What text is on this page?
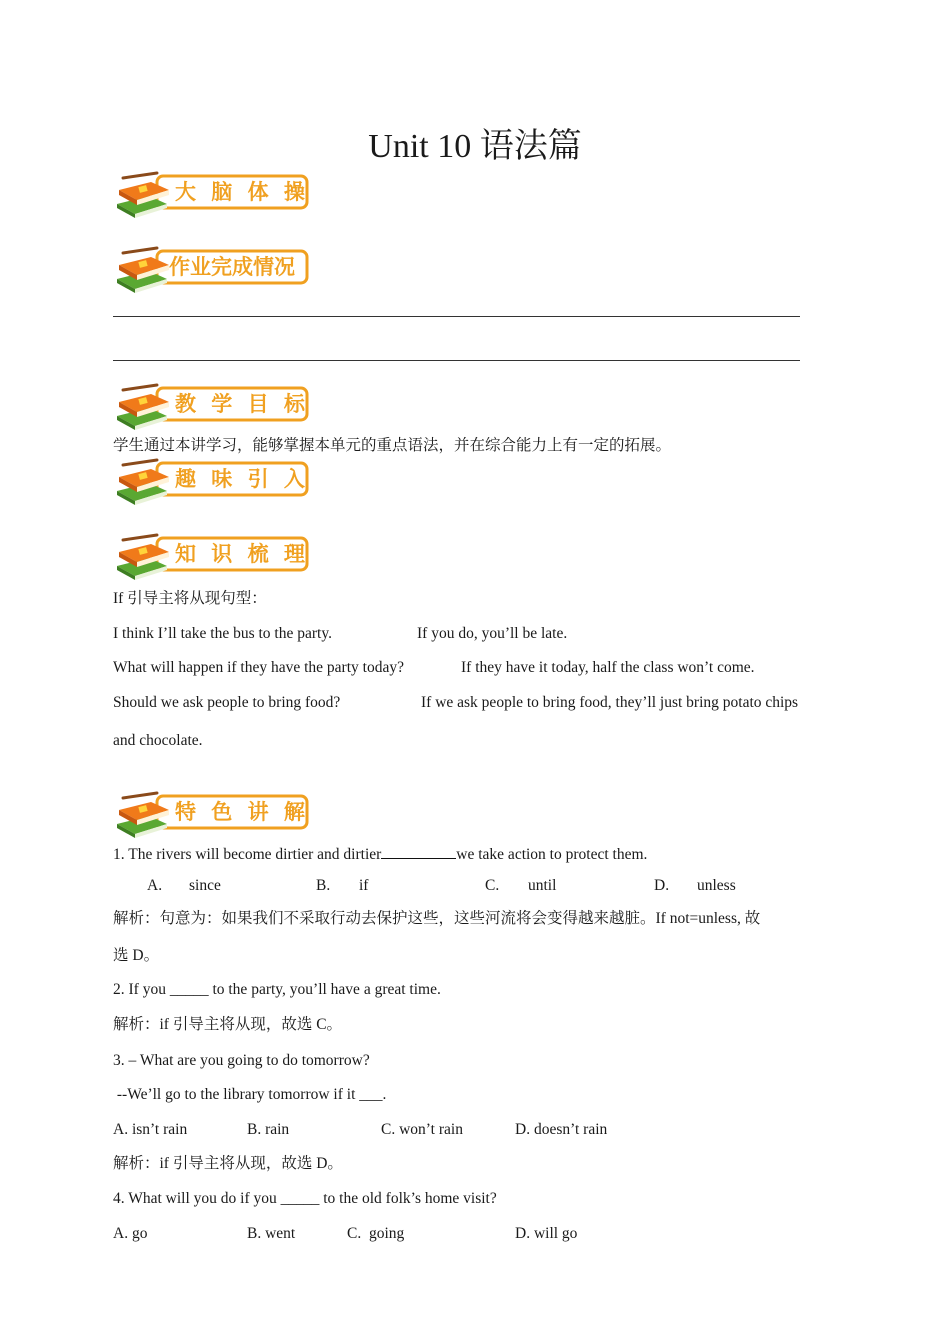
Unit 10 语法篇
大 脑 体 操
作业完成情况
教 学 目 标
学生通过本讲学习，能够掌握本单元的重点语法，并在综合能力上有一定的拓展。
趣 味 引 入
知 识 梳 理
If 引导主将从现句型：
I think I’ll take the bus to the party.	If you do, you’ll be late.
What will happen if they have the party today?	If they have it today, half the class won’t come.
Should we ask people to bring food?	If we ask people to bring food, they’ll just bring potato chips
and chocolate.
特 色 讲 解
1. The rivers will become dirtier and dirtier	we take action to protect them.
A. since	B. if	C. until	D. unless
解析：句意为：如果我们不采取行动去保护这些，这些河流将会变得越来越脏。If not=unless, 故
选 D。
2. If you _____ to the party, you’ll have a great time.
解析：if 引导主将从现，故选 C。
3. – What are you going to do tomorrow?
--We’ll go to the library tomorrow if it ___.
A. isn’t rain	B. rain	C. won’t rain	D. doesn’t rain
解析：if 引导主将从现，故选 D。
4. What will you do if you _____ to the old folk’s home visit?
A. go	B. went	C.  going	D. will go
